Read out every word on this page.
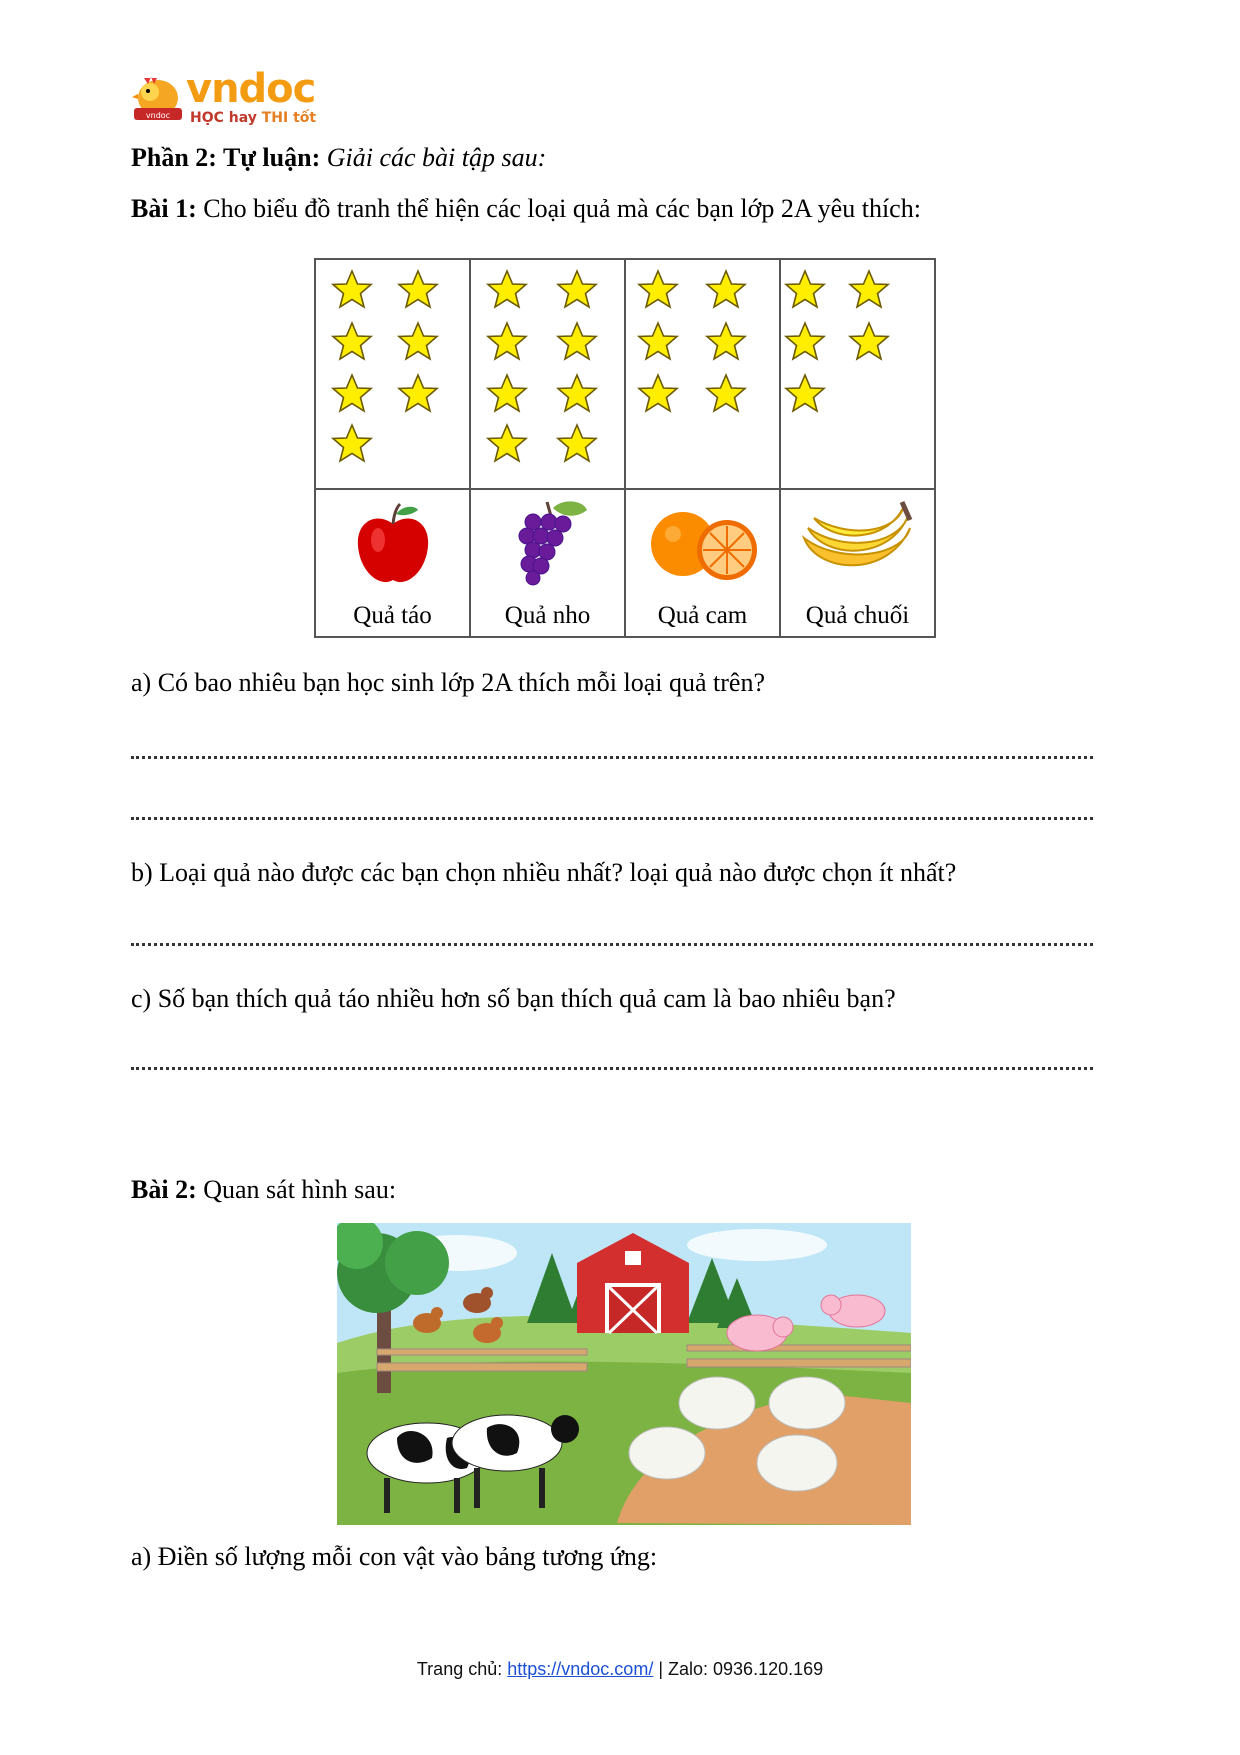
vndoc
vndoc
HỌC hay THI tốt
Phần 2: Tự luận: Giải các bài tập sau:
Bài 1: Cho biểu đồ tranh thể hiện các loại quả mà các bạn lớp 2A yêu thích:

Quả táo	Quả nho	Quả cam	Quả chuối
a) Có bao nhiêu bạn học sinh lớp 2A thích mỗi loại quả trên?
b) Loại quả nào được các bạn chọn nhiều nhất? loại quả nào được chọn ít nhất?
c) Số bạn thích quả táo nhiều hơn số bạn thích quả cam là bao nhiêu bạn?
Bài 2: Quan sát hình sau:
a) Điền số lượng mỗi con vật vào bảng tương ứng:
Trang chủ: https://vndoc.com/ | Zalo: 0936.120.169
